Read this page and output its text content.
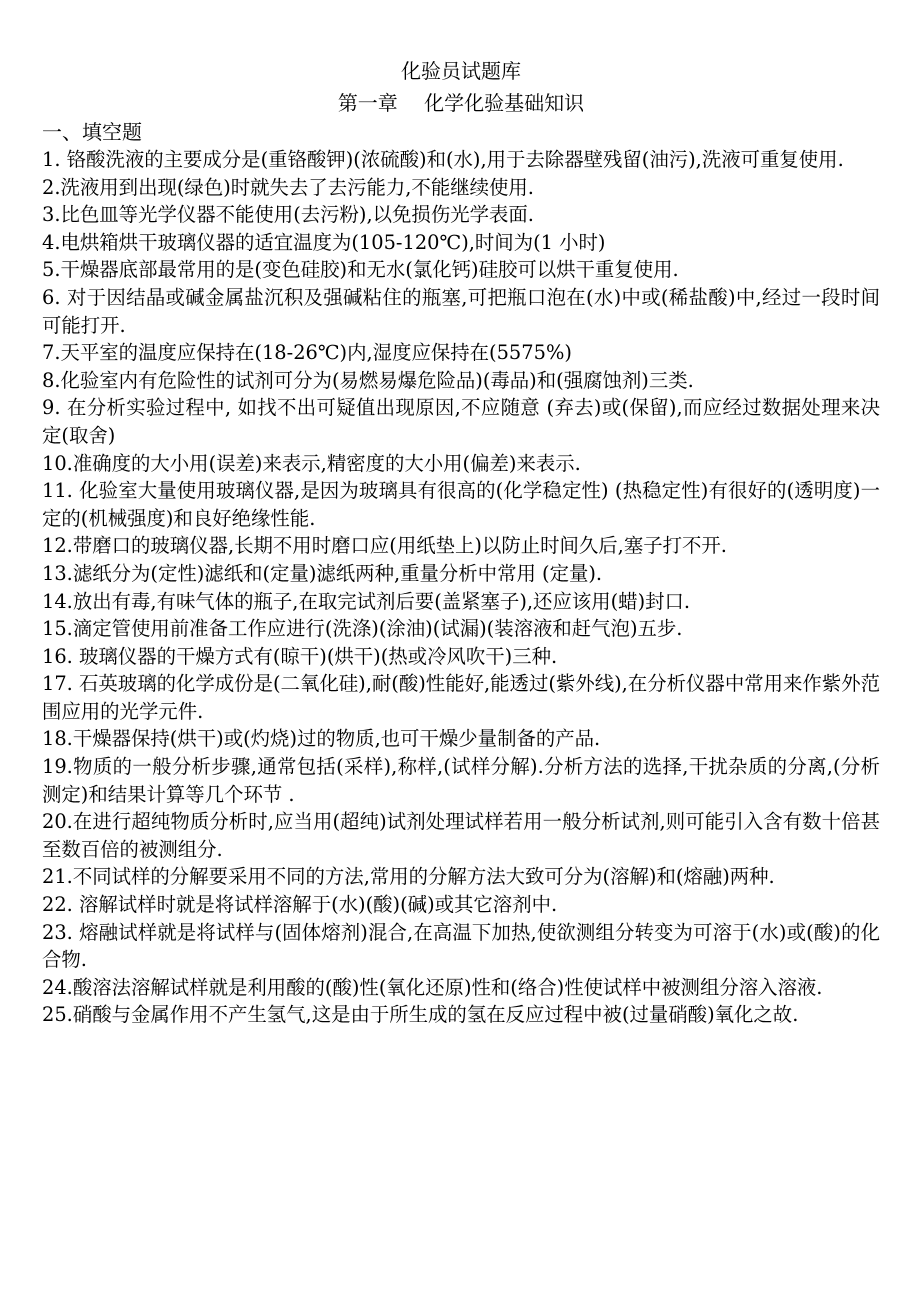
化验员试题库
第一章　 化学化验基础知识
一、填空题

1. 铬酸洗液的主要成分是(重铬酸钾)(浓硫酸)和(水),用于去除器壁残留(油污),洗液可重复使用.

2.洗液用到出现(绿色)时就失去了去污能力,不能继续使用.

3.比色皿等光学仪器不能使用(去污粉),以免损伤光学表面.

4.电烘箱烘干玻璃仪器的适宜温度为(105-120℃),时间为(1 小时)

5.干燥器底部最常用的是(变色硅胶)和无水(氯化钙)硅胶可以烘干重复使用.

6. 对于因结晶或碱金属盐沉积及强碱粘住的瓶塞,可把瓶口泡在(水)中或(稀盐酸)中,经过一段时间可能打开.

7.天平室的温度应保持在(18-26℃)内,湿度应保持在(5575%)

8.化验室内有危险性的试剂可分为(易燃易爆危险品)(毒品)和(强腐蚀剂)三类.

9. 在分析实验过程中, 如找不出可疑值出现原因,不应随意 (弃去)或(保留),而应经过数据处理来决定(取舍)

10.准确度的大小用(误差)来表示,精密度的大小用(偏差)来表示.

11. 化验室大量使用玻璃仪器,是因为玻璃具有很高的(化学稳定性) (热稳定性)有很好的(透明度)一定的(机械强度)和良好绝缘性能.

12.带磨口的玻璃仪器,长期不用时磨口应(用纸垫上)以防止时间久后,塞子打不开.

13.滤纸分为(定性)滤纸和(定量)滤纸两种,重量分析中常用 (定量).

14.放出有毒,有味气体的瓶子,在取完试剂后要(盖紧塞子),还应该用(蜡)封口.

15.滴定管使用前准备工作应进行(洗涤)(涂油)(试漏)(装溶液和赶气泡)五步.

16. 玻璃仪器的干燥方式有(晾干)(烘干)(热或冷风吹干)三种.

17. 石英玻璃的化学成份是(二氧化硅),耐(酸)性能好,能透过(紫外线),在分析仪器中常用来作紫外范围应用的光学元件.

18.干燥器保持(烘干)或(灼烧)过的物质,也可干燥少量制备的产品.

19.物质的一般分析步骤,通常包括(采样),称样,(试样分解).分析方法的选择,干扰杂质的分离,(分析测定)和结果计算等几个环节 .

20.在进行超纯物质分析时,应当用(超纯)试剂处理试样若用一般分析试剂,则可能引入含有数十倍甚至数百倍的被测组分.

21.不同试样的分解要采用不同的方法,常用的分解方法大致可分为(溶解)和(熔融)两种.

22. 溶解试样时就是将试样溶解于(水)(酸)(碱)或其它溶剂中.

23. 熔融试样就是将试样与(固体熔剂)混合,在高温下加热,使欲测组分转变为可溶于(水)或(酸)的化合物.

24.酸溶法溶解试样就是利用酸的(酸)性(氧化还原)性和(络合)性使试样中被测组分溶入溶液.

25.硝酸与金属作用不产生氢气,这是由于所生成的氢在反应过程中被(过量硝酸)氧化之故.
